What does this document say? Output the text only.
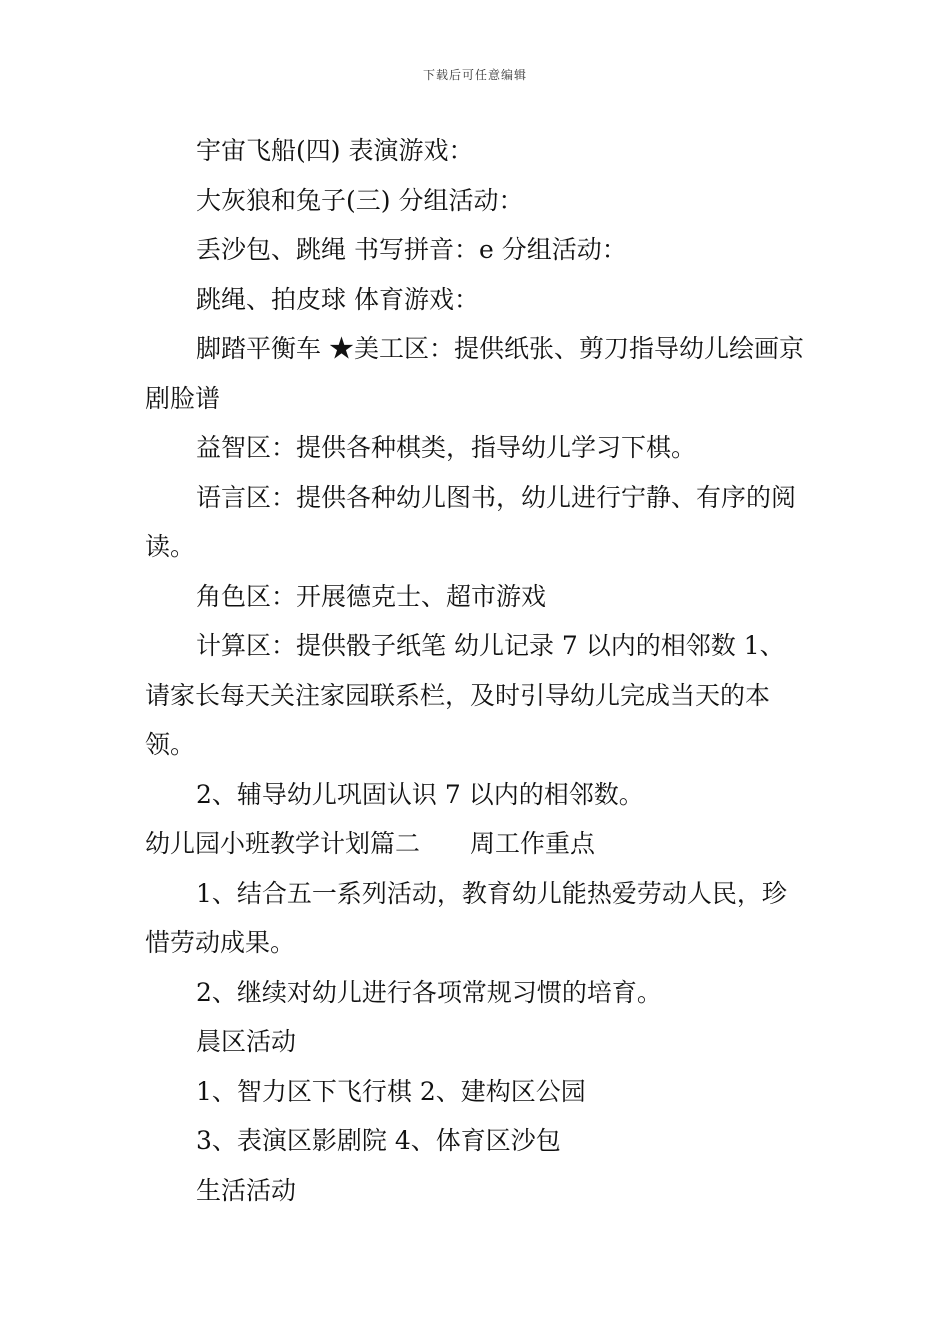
下载后可任意编辑

宇宙飞船(四) 表演游戏：

大灰狼和兔子(三) 分组活动：

丢沙包、跳绳 书写拼音：e 分组活动：

跳绳、拍皮球 体育游戏：

脚踏平衡车 ★美工区：提供纸张、剪刀指导幼儿绘画京剧脸谱

益智区：提供各种棋类，指导幼儿学习下棋。

语言区：提供各种幼儿图书，幼儿进行宁静、有序的阅读。

角色区：开展德克士、超市游戏

计算区：提供骰子纸笔 幼儿记录 7 以内的相邻数 1、请家长每天关注家园联系栏，及时引导幼儿完成当天的本领。

2、辅导幼儿巩固认识 7 以内的相邻数。

幼儿园小班教学计划篇二 周工作重点

1、结合五一系列活动，教育幼儿能热爱劳动人民，珍惜劳动成果。

2、继续对幼儿进行各项常规习惯的培育。

晨区活动

1、智力区下飞行棋 2、建构区公园

3、表演区影剧院 4、体育区沙包

生活活动
